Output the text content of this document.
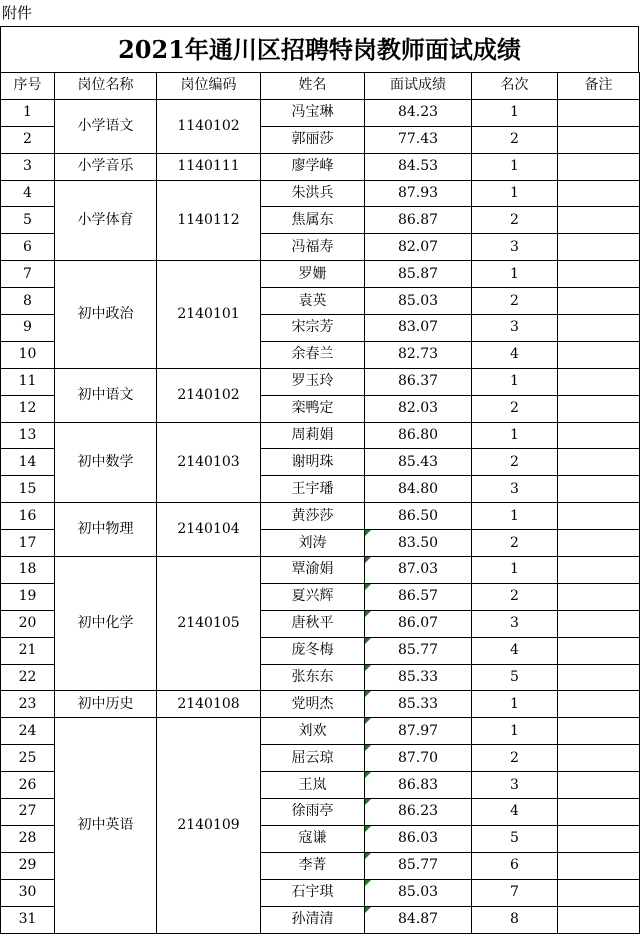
附件
2021年通川区招聘特岗教师面试成绩
序号	岗位名称	岗位编码	姓名	面试成绩	名次	备注
1	小学语文	1140102	冯宝琳	84.23	1	
2			郭丽莎	77.43	2	
3	小学音乐	1140111	廖学峰	84.53	1	
4	小学体育	1140112	朱洪兵	87.93	1	
5			焦属东	86.87	2	
6			冯福寿	82.07	3	
7	初中政治	2140101	罗姗	85.87	1	
8			袁英	85.03	2	
9			宋宗芳	83.07	3	
10			余春兰	82.73	4	
11	初中语文	2140102	罗玉玲	86.37	1	
12			栾鸭定	82.03	2	
13	初中数学	2140103	周莉娟	86.80	1	
14			谢明珠	85.43	2	
15			王宇璠	84.80	3	
16	初中物理	2140104	黄莎莎	86.50	1	
17			刘涛	83.50	2	
18	初中化学	2140105	覃渝娟	87.03	1	
19			夏兴辉	86.57	2	
20			唐秋平	86.07	3	
21			庞冬梅	85.77	4	
22			张东东	85.33	5	
23	初中历史	2140108	党明杰	85.33	1	
24	初中英语	2140109	刘欢	87.97	1	
25			屈云琼	87.70	2	
26			王岚	86.83	3	
27			徐雨亭	86.23	4	
28			寇谦	86.03	5	
29			李菁	85.77	6	
30			石宇琪	85.03	7	
31			孙清清	84.87	8	
